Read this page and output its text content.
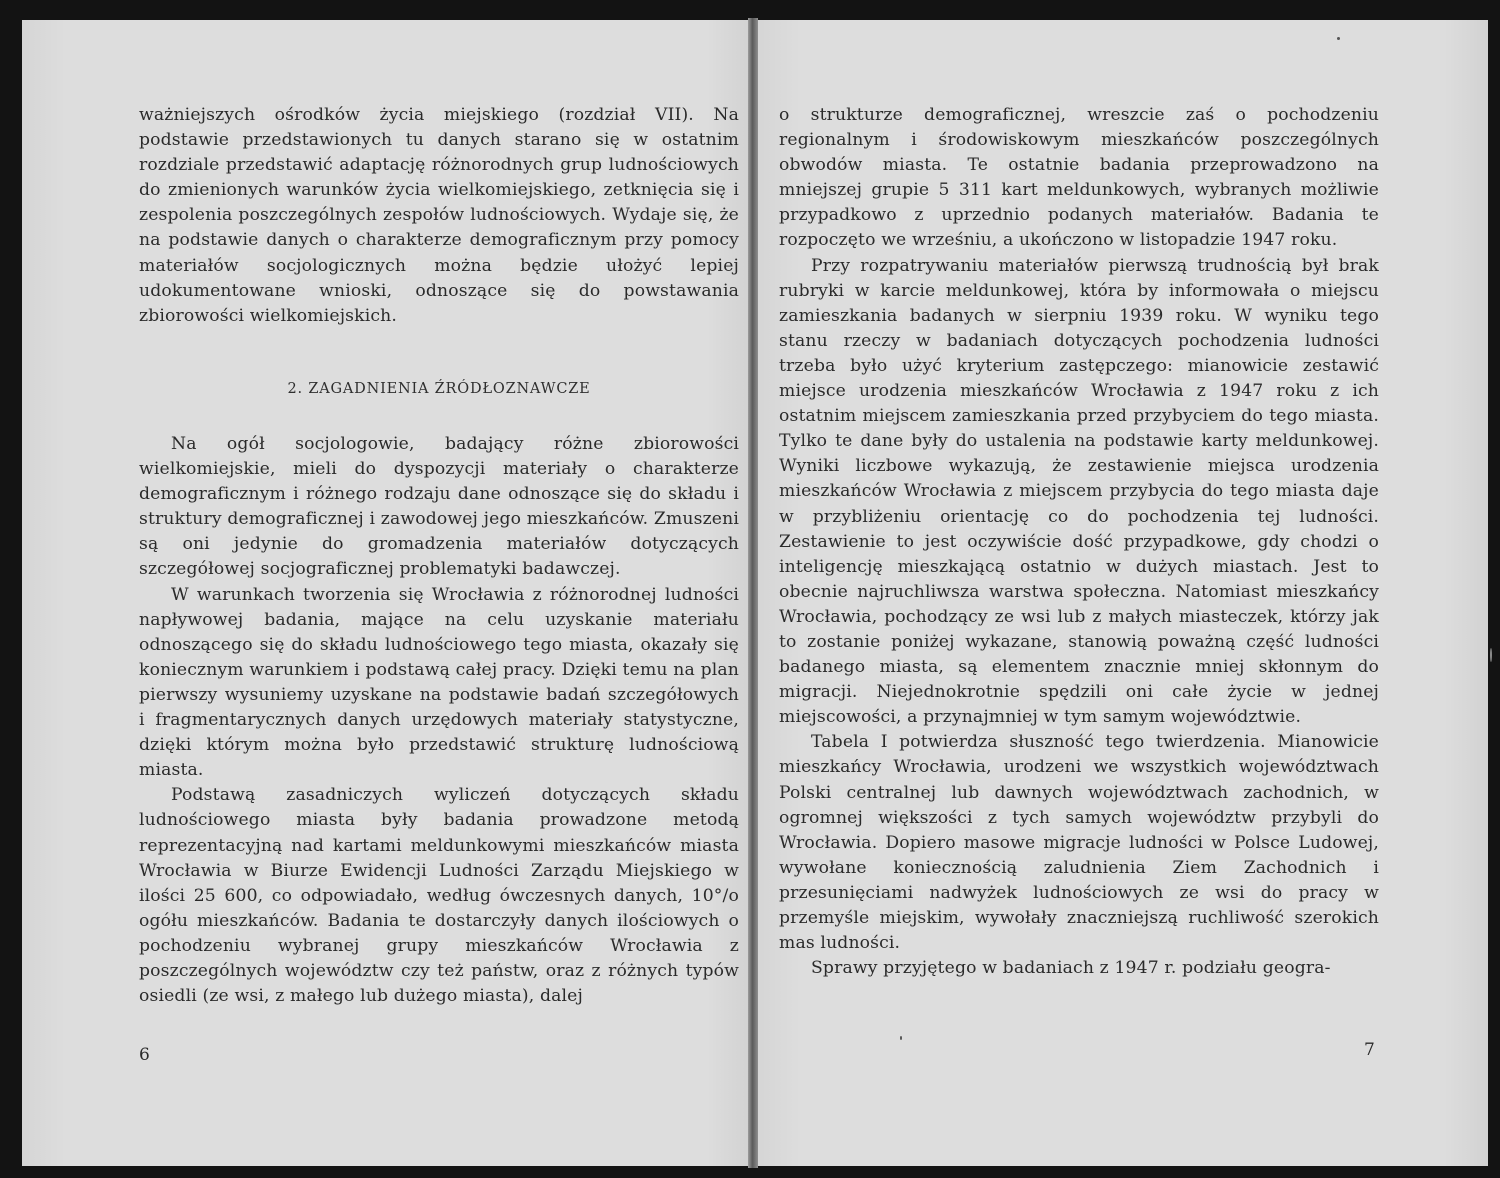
ważniejszych ośrodków życia miejskiego (rozdział VII). Na podstawie przedstawionych tu danych starano się w ostatnim rozdziale przedstawić adaptację różnorodnych grup ludnościowych do zmienionych warunków życia wielkomiejskiego, zetknięcia się i zespolenia poszczególnych zespołów ludnościowych. Wydaje się, że na podstawie danych o charakterze demograficznym przy pomocy materiałów socjologicznych można będzie ułożyć lepiej udokumentowane wnioski, odnoszące się do powstawania zbiorowości wielkomiejskich.

2. ZAGADNIENIA ŹRÓDŁOZNAWCZE

Na ogół socjologowie, badający różne zbiorowości wielkomiejskie, mieli do dyspozycji materiały o charakterze demograficznym i różnego rodzaju dane odnoszące się do składu i struktury demograficznej i zawodowej jego mieszkańców. Zmuszeni są oni jedynie do gromadzenia materiałów dotyczących szczegółowej socjograficznej problematyki badawczej.

W warunkach tworzenia się Wrocławia z różnorodnej ludności napływowej badania, mające na celu uzyskanie materiału odnoszącego się do składu ludnościowego tego miasta, okazały się koniecznym warunkiem i podstawą całej pracy. Dzięki temu na plan pierwszy wysuniemy uzyskane na podstawie badań szczegółowych i fragmentarycznych danych urzędowych materiały statystyczne, dzięki którym można było przedstawić strukturę ludnościową miasta.

Podstawą zasadniczych wyliczeń dotyczących składu ludnościowego miasta były badania prowadzone metodą reprezentacyjną nad kartami meldunkowymi mieszkańców miasta Wrocławia w Biurze Ewidencji Ludności Zarządu Miejskiego w ilości 25 600, co odpowiadało, według ówczesnych danych, 10°/o ogółu mieszkańców. Badania te dostarczyły danych ilościowych o pochodzeniu wybranej grupy mieszkańców Wrocławia z poszczególnych województw czy też państw, oraz z różnych typów osiedli (ze wsi, z małego lub dużego miasta), dalej

6

o strukturze demograficznej, wreszcie zaś o pochodzeniu regionalnym i środowiskowym mieszkańców poszczególnych obwodów miasta. Te ostatnie badania przeprowadzono na mniejszej grupie 5 311 kart meldunkowych, wybranych możliwie przypadkowo z uprzednio podanych materiałów. Badania te rozpoczęto we wrześniu, a ukończono w listopadzie 1947 roku.

Przy rozpatrywaniu materiałów pierwszą trudnością był brak rubryki w karcie meldunkowej, która by informowała o miejscu zamieszkania badanych w sierpniu 1939 roku. W wyniku tego stanu rzeczy w badaniach dotyczących pochodzenia ludności trzeba było użyć kryterium zastępczego: mianowicie zestawić miejsce urodzenia mieszkańców Wrocławia z 1947 roku z ich ostatnim miejscem zamieszkania przed przybyciem do tego miasta. Tylko te dane były do ustalenia na podstawie karty meldunkowej. Wyniki liczbowe wykazują, że zestawienie miejsca urodzenia mieszkańców Wrocławia z miejscem przybycia do tego miasta daje w przybliżeniu orientację co do pochodzenia tej ludności. Zestawienie to jest oczywiście dość przypadkowe, gdy chodzi o inteligencję mieszkającą ostatnio w dużych miastach. Jest to obecnie najruchliwsza warstwa społeczna. Natomiast mieszkańcy Wrocławia, pochodzący ze wsi lub z małych miasteczek, którzy jak to zostanie poniżej wykazane, stanowią poważną część ludności badanego miasta, są elementem znacznie mniej skłonnym do migracji. Niejednokrotnie spędzili oni całe życie w jednej miejscowości, a przynajmniej w tym samym województwie.

Tabela I potwierdza słuszność tego twierdzenia. Mianowicie mieszkańcy Wrocławia, urodzeni we wszystkich województwach Polski centralnej lub dawnych województwach zachodnich, w ogromnej większości z tych samych województw przybyli do Wrocławia. Dopiero masowe migracje ludności w Polsce Ludowej, wywołane koniecznością zaludnienia Ziem Zachodnich i przesunięciami nadwyżek ludnościowych ze wsi do pracy w przemyśle miejskim, wywołały znaczniejszą ruchliwość szerokich mas ludności.

Sprawy przyjętego w badaniach z 1947 r. podziału geogra-

7
